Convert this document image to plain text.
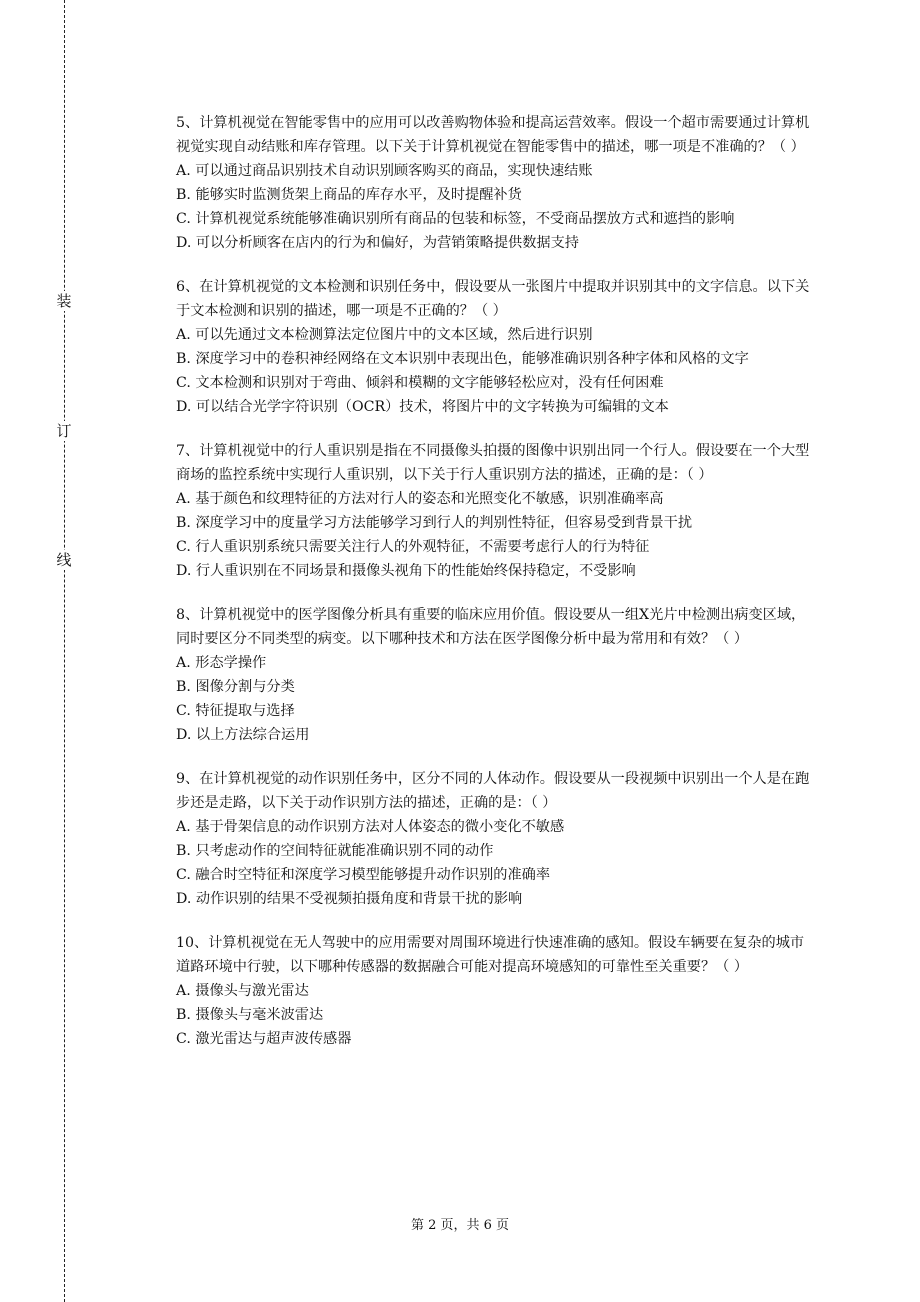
装
订
线
5、计算机视觉在智能零售中的应用可以改善购物体验和提高运营效率。假设一个超市需要通过计算机视觉实现自动结账和库存管理。以下关于计算机视觉在智能零售中的描述，哪一项是不准确的？（ ）
A. 可以通过商品识别技术自动识别顾客购买的商品，实现快速结账
B. 能够实时监测货架上商品的库存水平，及时提醒补货
C. 计算机视觉系统能够准确识别所有商品的包装和标签，不受商品摆放方式和遮挡的影响
D. 可以分析顾客在店内的行为和偏好，为营销策略提供数据支持
6、在计算机视觉的文本检测和识别任务中，假设要从一张图片中提取并识别其中的文字信息。以下关于文本检测和识别的描述，哪一项是不正确的？（ ）
A. 可以先通过文本检测算法定位图片中的文本区域，然后进行识别
B. 深度学习中的卷积神经网络在文本识别中表现出色，能够准确识别各种字体和风格的文字
C. 文本检测和识别对于弯曲、倾斜和模糊的文字能够轻松应对，没有任何困难
D. 可以结合光学字符识别（OCR）技术，将图片中的文字转换为可编辑的文本
7、计算机视觉中的行人重识别是指在不同摄像头拍摄的图像中识别出同一个行人。假设要在一个大型商场的监控系统中实现行人重识别，以下关于行人重识别方法的描述，正确的是：（ ）
A. 基于颜色和纹理特征的方法对行人的姿态和光照变化不敏感，识别准确率高
B. 深度学习中的度量学习方法能够学习到行人的判别性特征，但容易受到背景干扰
C. 行人重识别系统只需要关注行人的外观特征，不需要考虑行人的行为特征
D. 行人重识别在不同场景和摄像头视角下的性能始终保持稳定，不受影响
8、计算机视觉中的医学图像分析具有重要的临床应用价值。假设要从一组X光片中检测出病变区域，同时要区分不同类型的病变。以下哪种技术和方法在医学图像分析中最为常用和有效？（ ）
A. 形态学操作
B. 图像分割与分类
C. 特征提取与选择
D. 以上方法综合运用
9、在计算机视觉的动作识别任务中，区分不同的人体动作。假设要从一段视频中识别出一个人是在跑步还是走路，以下关于动作识别方法的描述，正确的是：（ ）
A. 基于骨架信息的动作识别方法对人体姿态的微小变化不敏感
B. 只考虑动作的空间特征就能准确识别不同的动作
C. 融合时空特征和深度学习模型能够提升动作识别的准确率
D. 动作识别的结果不受视频拍摄角度和背景干扰的影响
10、计算机视觉在无人驾驶中的应用需要对周围环境进行快速准确的感知。假设车辆要在复杂的城市道路环境中行驶，以下哪种传感器的数据融合可能对提高环境感知的可靠性至关重要？（ ）
A. 摄像头与激光雷达
B. 摄像头与毫米波雷达
C. 激光雷达与超声波传感器
第 2 页，共 6 页
